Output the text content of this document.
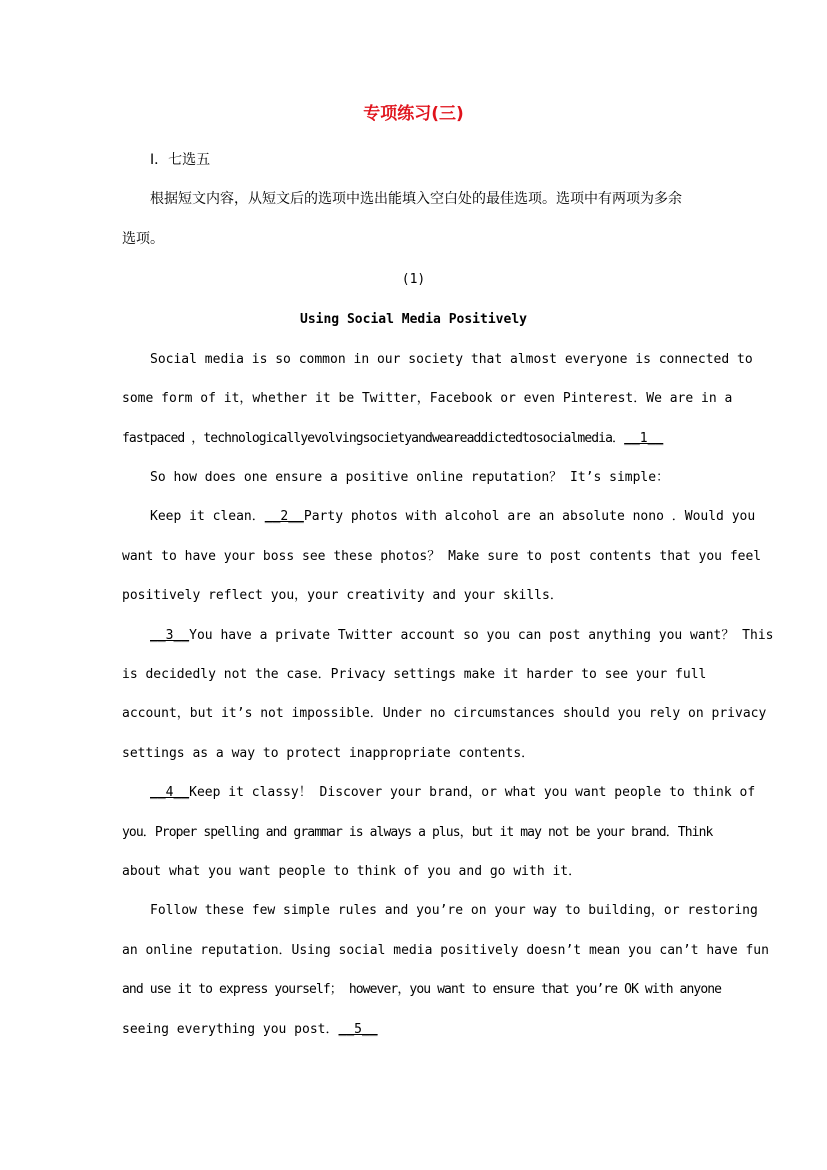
专项练习(三)
Ⅰ．七选五
根据短文内容，从短文后的选项中选出能填入空白处的最佳选项。选项中有两项为多余
选项。
(1)
Using Social Media Positively
Social media is so common in our society that almost everyone is connected to
some form of it，whether it be Twitter，Facebook or even Pinterest．We are in a
fastpaced ，technologicallyevolvingsocietyandweareaddictedtosocialmedia．__1__
So how does one ensure a positive online reputation？ It’s simple：
Keep it clean．__2__Party photos with alcohol are an absolute nono ．Would you
want to have your boss see these photos？ Make sure to post contents that you feel
positively reflect you，your creativity and your skills．
__3__You have a private Twitter account so you can post anything you want？ This
is decidedly not the case．Privacy settings make it harder to see your full
account，but it’s not impossible．Under no circumstances should you rely on privacy
settings as a way to protect inappropriate contents．
__4__Keep it classy！ Discover your brand，or what you want people to think of
you．Proper spelling and grammar is always a plus，but it may not be your brand．Think
about what you want people to think of you and go with it．
Follow these few simple rules and you’re on your way to building，or restoring
an online reputation．Using social media positively doesn’t mean you can’t have fun
and use it to express yourself； however，you want to ensure that you’re OK with anyone
seeing everything you post．__5__
